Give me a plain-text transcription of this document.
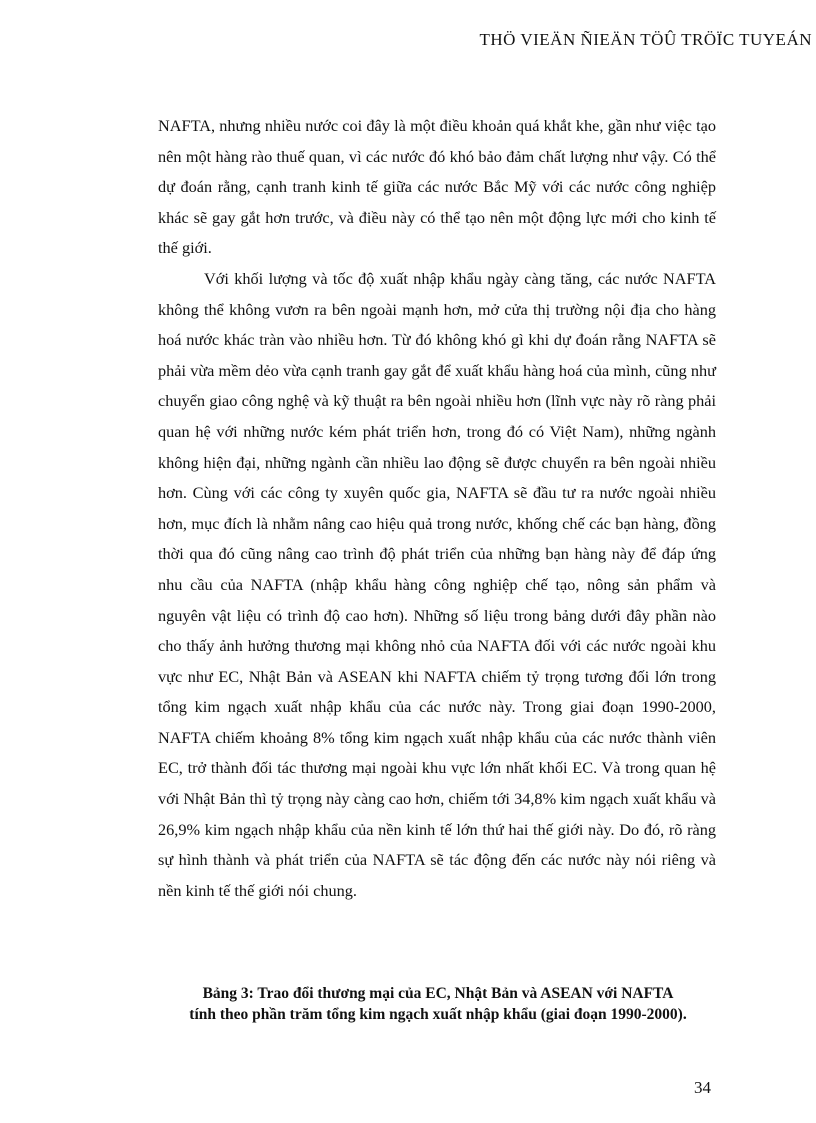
THÖ VIEÄN ÑIEÄN TÖÛ TRÖÏC TUYEÁN

NAFTA, nhưng nhiều nước coi đây là một điều khoản quá khắt khe, gần như việc tạo nên một hàng rào thuế quan, vì các nước đó khó bảo đảm chất lượng như vậy. Có thể dự đoán rằng, cạnh tranh kinh tế giữa các nước Bắc Mỹ với các nước công nghiệp khác sẽ gay gắt hơn trước, và điều này có thể tạo nên một động lực mới cho kinh tế thế giới.

Với khối lượng và tốc độ xuất nhập khẩu ngày càng tăng, các nước NAFTA không thể không vươn ra bên ngoài mạnh hơn, mở cửa thị trường nội địa cho hàng hoá nước khác tràn vào nhiều hơn. Từ đó không khó gì khi dự đoán rằng NAFTA sẽ phải vừa mềm dẻo vừa cạnh tranh gay gắt để xuất khẩu hàng hoá của mình, cũng như chuyển giao công nghệ và kỹ thuật ra bên ngoài nhiều hơn (lĩnh vực này rõ ràng phải quan hệ với những nước kém phát triển hơn, trong đó có Việt Nam), những ngành không hiện đại, những ngành cần nhiều lao động sẽ được chuyển ra bên ngoài nhiều hơn. Cùng với các công ty xuyên quốc gia, NAFTA sẽ đầu tư ra nước ngoài nhiều hơn, mục đích là nhằm nâng cao hiệu quả trong nước, khống chế các bạn hàng, đồng thời qua đó cũng nâng cao trình độ phát triển của những bạn hàng này để đáp ứng nhu cầu của NAFTA (nhập khẩu hàng công nghiệp chế tạo, nông sản phẩm và nguyên vật liệu có trình độ cao hơn). Những số liệu trong bảng dưới đây phần nào cho thấy ảnh hưởng thương mại không nhỏ của NAFTA đối với các nước ngoài khu vực như EC, Nhật Bản và ASEAN khi NAFTA chiếm tỷ trọng tương đối lớn trong tổng kim ngạch xuất nhập khẩu của các nước này. Trong giai đoạn 1990-2000, NAFTA chiếm khoảng 8% tổng kim ngạch xuất nhập khẩu của các nước thành viên EC, trở thành đối tác thương mại ngoài khu vực lớn nhất khối EC. Và trong quan hệ với Nhật Bản thì tỷ trọng này càng cao hơn, chiếm tới 34,8% kim ngạch xuất khẩu và 26,9% kim ngạch nhập khẩu của nền kinh tế lớn thứ hai thế giới này. Do đó, rõ ràng sự hình thành và phát triển của NAFTA sẽ tác động đến các nước này nói riêng và nền kinh tế thế giới nói chung.

Bảng 3: Trao đổi thương mại của EC, Nhật Bản và ASEAN với NAFTA
tính theo phần trăm tổng kim ngạch xuất nhập khẩu (giai đoạn 1990-2000).
34
